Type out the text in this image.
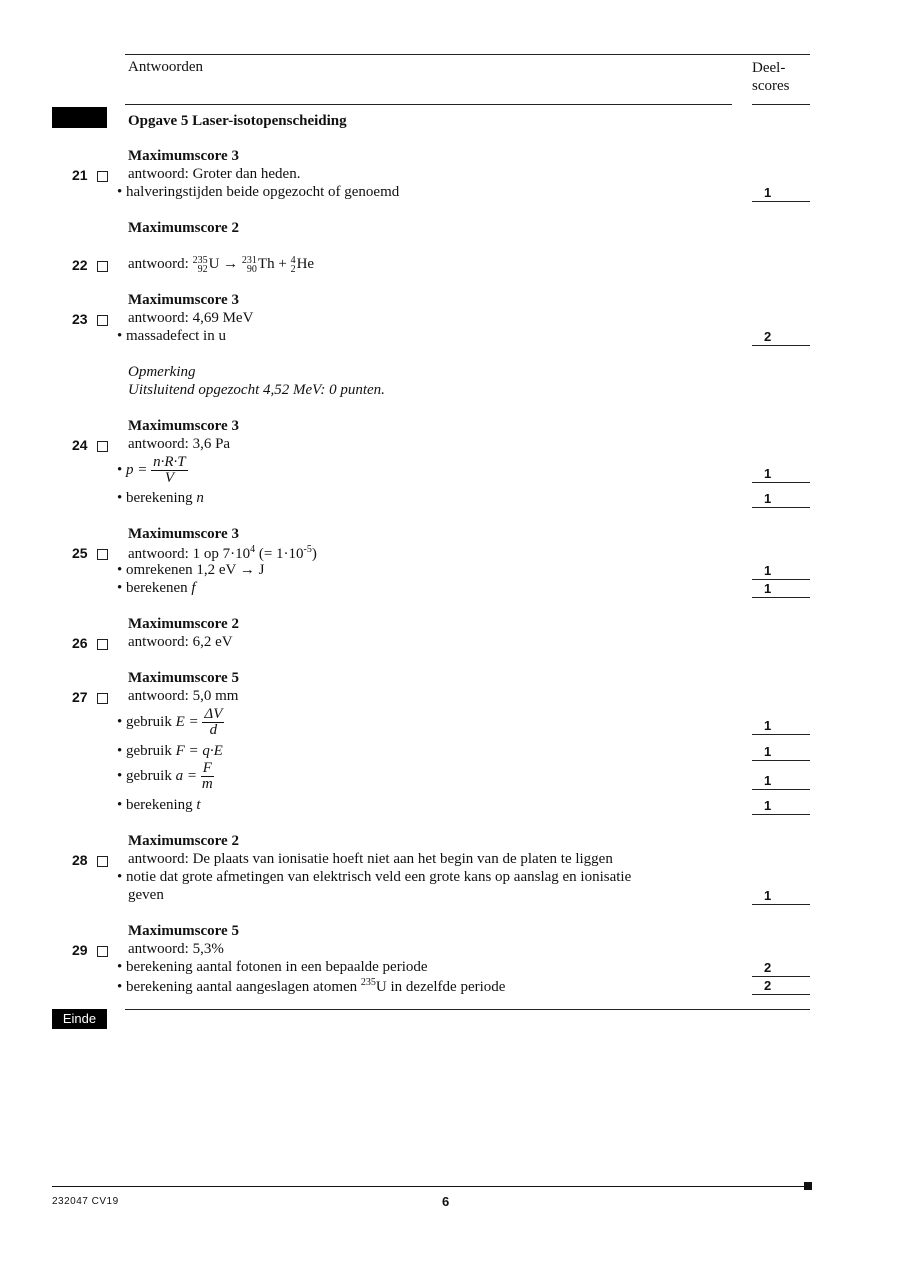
Antwoorden	Deel-
scores
Opgave 5 Laser-isotopenscheiding
Maximumscore 3
21	antwoord: Groter dan heden.
• halveringstijden beide opgezocht of genoemd	1
Maximumscore 2
22	antwoord: 235
92 U → 231
90 Th + 4
2 He
Maximumscore 3
23	antwoord: 4,69 MeV
• massadefect in u	2
Opmerking
Uitsluitend opgezocht 4,52 MeV: 0 punten.
Maximumscore 3
24	antwoord: 3,6 Pa
• $p = \frac{n\cdot R\cdot T}{V}$	1
• berekening n	1
Maximumscore 3
25	antwoord: 1 op $7\cdot 10^4$ (= $1\cdot 10^{-5}$)
• omrekenen 1,2 eV → J	1
• berekenen f	1
Maximumscore 2
26	antwoord: 6,2 eV
Maximumscore 5
27	antwoord: 5,0 mm
• gebruik $E = \frac{\Delta V}{d}$	1
• gebruik F = q·E	1
• gebruik $a = \frac{F}{m}$	1
• berekening t	1
Maximumscore 2
28	antwoord: De plaats van ionisatie hoeft niet aan het begin van de platen te liggen
• notie dat grote afmetingen van elektrisch veld een grote kans op aanslag en ionisatie
geven	1
Maximumscore 5
29	antwoord: 5,3%
• berekening aantal fotonen in een bepaalde periode	2
• berekening aantal aangeslagen atomen $^{235}$U in dezelfde periode	2
Einde
232047 CV19	6
